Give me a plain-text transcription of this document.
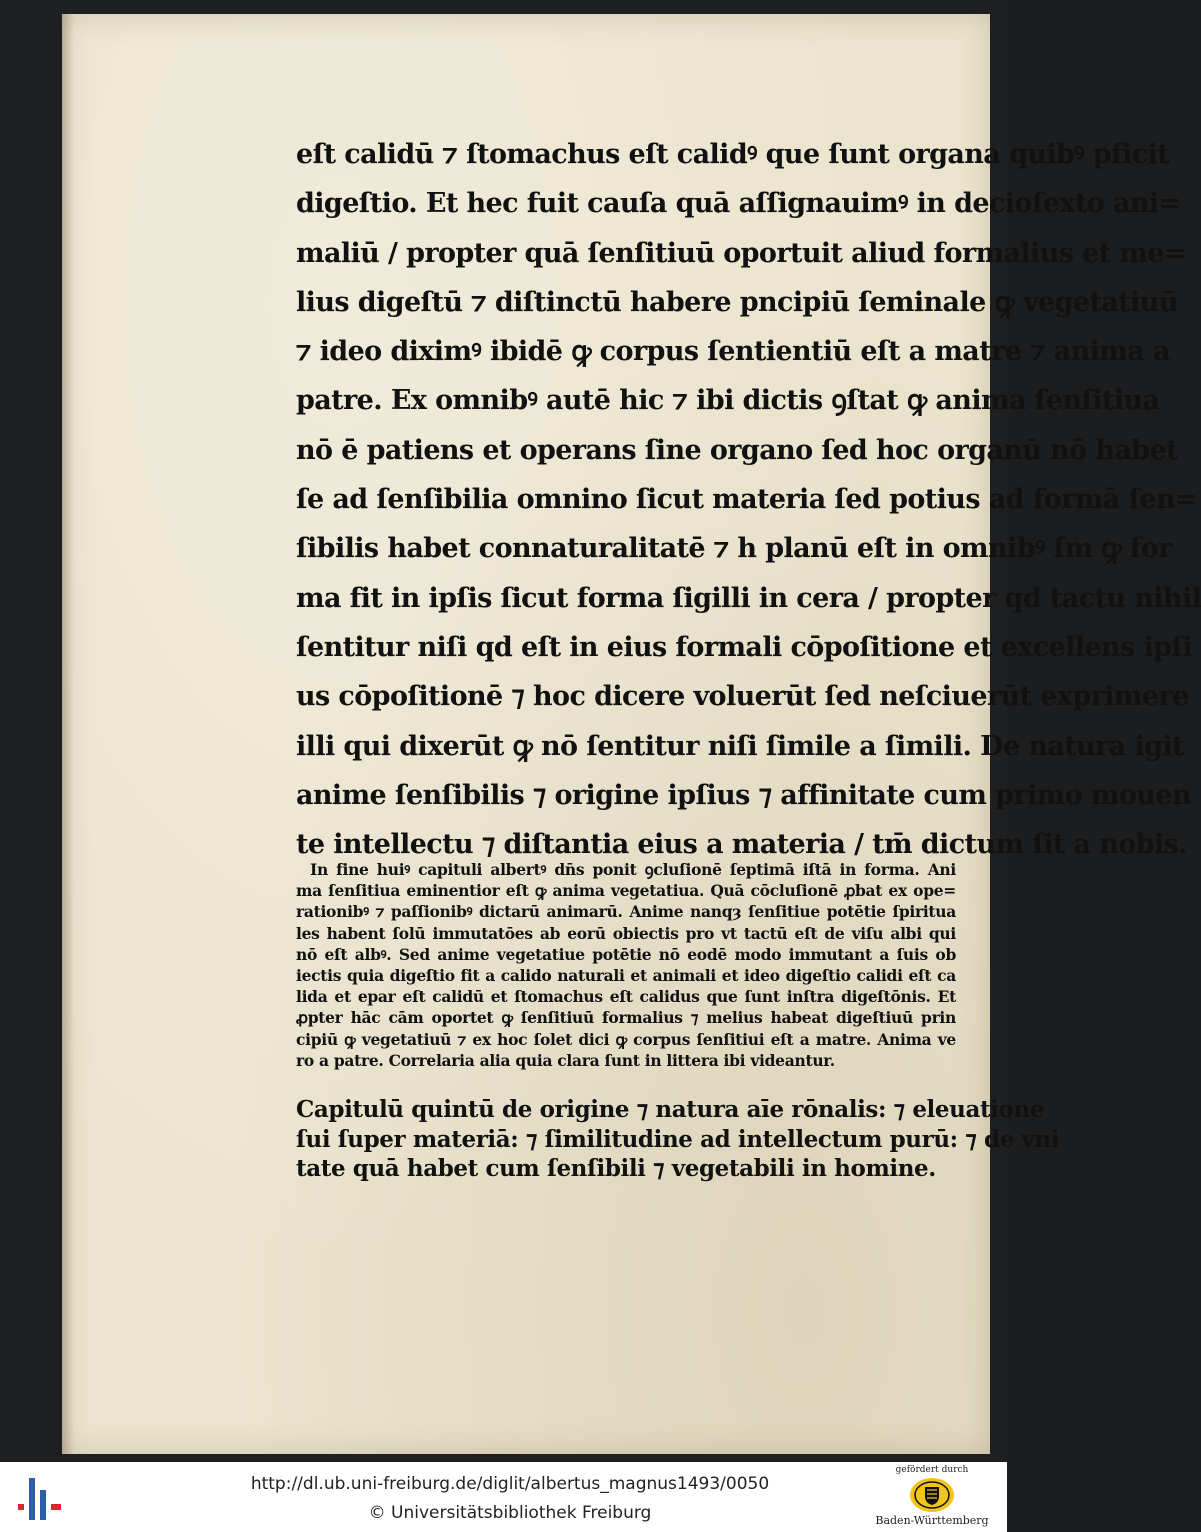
eſt calidū ⁊ ſtomachus eſt calidꝰ que ſunt organa quibꝰ pficit
digeſtio. Et hec fuit cauſa quā aſſignauimꝰ in decioſexto ani=
maliū / propter quā ſenſitiuū oportuit aliud formalius et me=
lius digeſtū ⁊ diſtinctū habere pncipiū ſeminale ꝙ vegetatiuū
⁊ ideo diximꝰ ibidē ꝙ corpus ſentientiū eſt a matre ⁊ anima a
patre. Ex omnibꝰ autē hic ⁊ ibi dictis ꝯſtat ꝙ anima ſenſitiua
nō ē patiens et operans ſine organo ſed hoc organū nō habet
ſe ad ſenſibilia omnino ſicut materia ſed potius ad formā ſen=
ſibilis habet connaturalitatē ⁊ h planū eſt in omnibꝰ ſm ꝙ for
ma fit in ipſis ſicut forma ſigilli in cera / propter qd tactu nihil
ſentitur niſi qd eſt in eius formali cōpoſitione et excellens ipſi
us cōpoſitionē ⁊ hoc dicere voluerūt ſed neſciuerūt exprimere
illi qui dixerūt ꝙ nō ſentitur niſi ſimile a ſimili. De natura igit
anime ſenſibilis ⁊ origine ipſius ⁊ affinitate cum primo mouen
te intellectu ⁊ diſtantia eius a materia / tm̄ dictum ſit a nobis.
In fine huiꝰ capituli albertꝰ dn̄s ponit ꝯcluſionē ſeptimā iſtā in forma. Ani
ma ſenſitiua eminentior eſt ꝙ anima vegetatiua. Quā cōcluſionē ꝓbat ex ope=
rationibꝰ ⁊ paſſionibꝰ dictarū animarū. Anime nanqȝ ſenſitiue potētie ſpiritua
les habent ſolū immutatōes ab eorū obiectis pro vt tactū eſt de viſu albi qui
nō eſt albꝰ. Sed anime vegetatiue potētie nō eodē modo immutant a ſuis ob
iectis quia digeſtio fit a calido naturali et animali et ideo digeſtio calidi eſt ca
lida et epar eſt calidū et ſtomachus eſt calidus que ſunt inſtra digeſtōnis. Et
ꝓpter hāc cām oportet ꝙ ſenſitiuū formalius ⁊ melius habeat digeſtiuū prin
cipiū ꝙ vegetatiuū ⁊ ex hoc ſolet dici ꝙ corpus ſenſitiui eſt a matre. Anima ve
ro a patre. Correlaria alia quia clara ſunt in littera ibi videantur.
Capitulū quintū de origine ⁊ natura aīe rōnalis: ⁊ eleuatione
ſui ſuper materiā: ⁊ ſimilitudine ad intellectum purū: ⁊ de vni
tate quā habet cum ſenſibili ⁊ vegetabili in homine.
http://dl.ub.uni-freiburg.de/diglit/albertus_magnus1493/0050
© Universitätsbibliothek Freiburg
gefördert durch
Baden-Württemberg
